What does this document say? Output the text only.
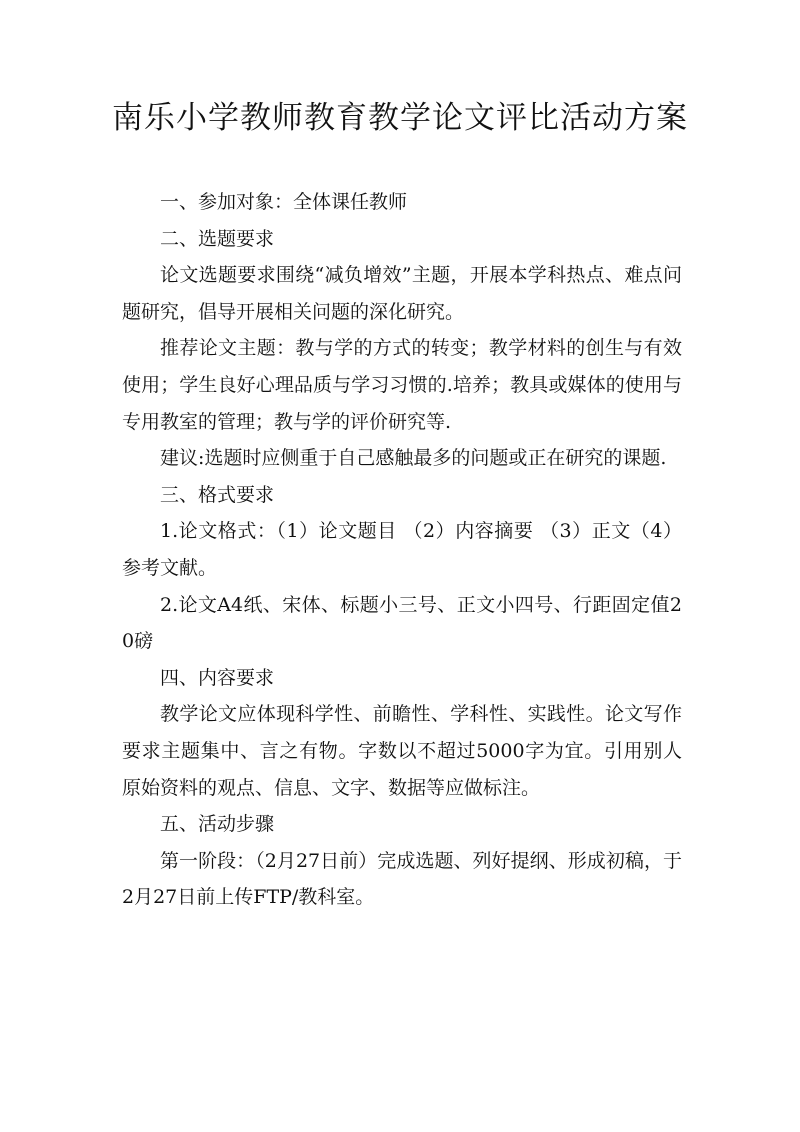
南乐小学教师教育教学论文评比活动方案

一、参加对象：全体课任教师

二、选题要求

论文选题要求围绕“减负增效”主题，开展本学科热点、难点问题研究，倡导开展相关问题的深化研究。

推荐论文主题：教与学的方式的转变；教学材料的创生与有效使用；学生良好心理品质与学习习惯的.培养；教具或媒体的使用与专用教室的管理；教与学的评价研究等.

建议:选题时应侧重于自己感触最多的问题或正在研究的课题.

三、格式要求

1.论文格式：（1）论文题目 （2）内容摘要 （3）正文（4）参考文献。

2.论文A4纸、宋体、标题小三号、正文小四号、行距固定值20磅

四、内容要求

教学论文应体现科学性、前瞻性、学科性、实践性。论文写作要求主题集中、言之有物。字数以不超过5000字为宜。引用别人原始资料的观点、信息、文字、数据等应做标注。

五、活动步骤

第一阶段：（2月27日前）完成选题、列好提纲、形成初稿，于2月27日前上传FTP/教科室。
